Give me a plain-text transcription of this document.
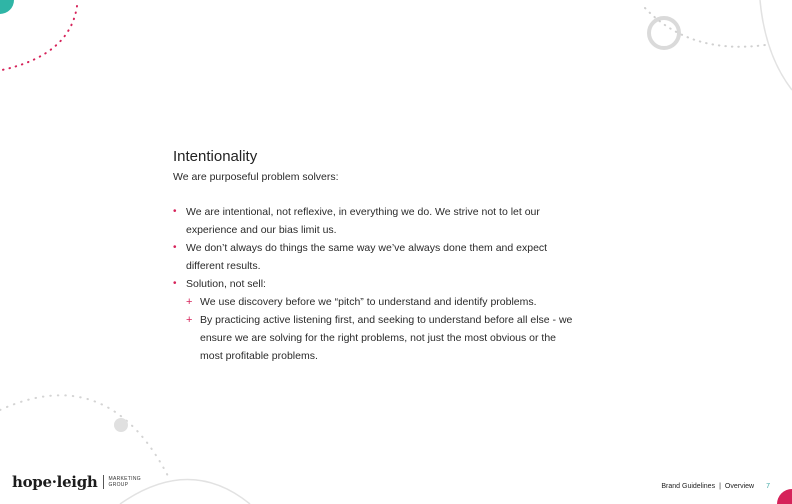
Intentionality

We are purposeful problem solvers:

• We are intentional, not reflexive, in everything we do. We strive not to let our experience and our bias limit us.
• We don’t always do things the same way we’ve always done them and expect different results.
• Solution, not sell:
+ We use discovery before we “pitch” to understand and identify problems.
+ By practicing active listening first, and seeking to understand before all else - we ensure we are solving for the right problems, not just the most obvious or the most profitable problems.
hope·leigh MARKETING
GROUP	Brand Guidelines | Overview 7
